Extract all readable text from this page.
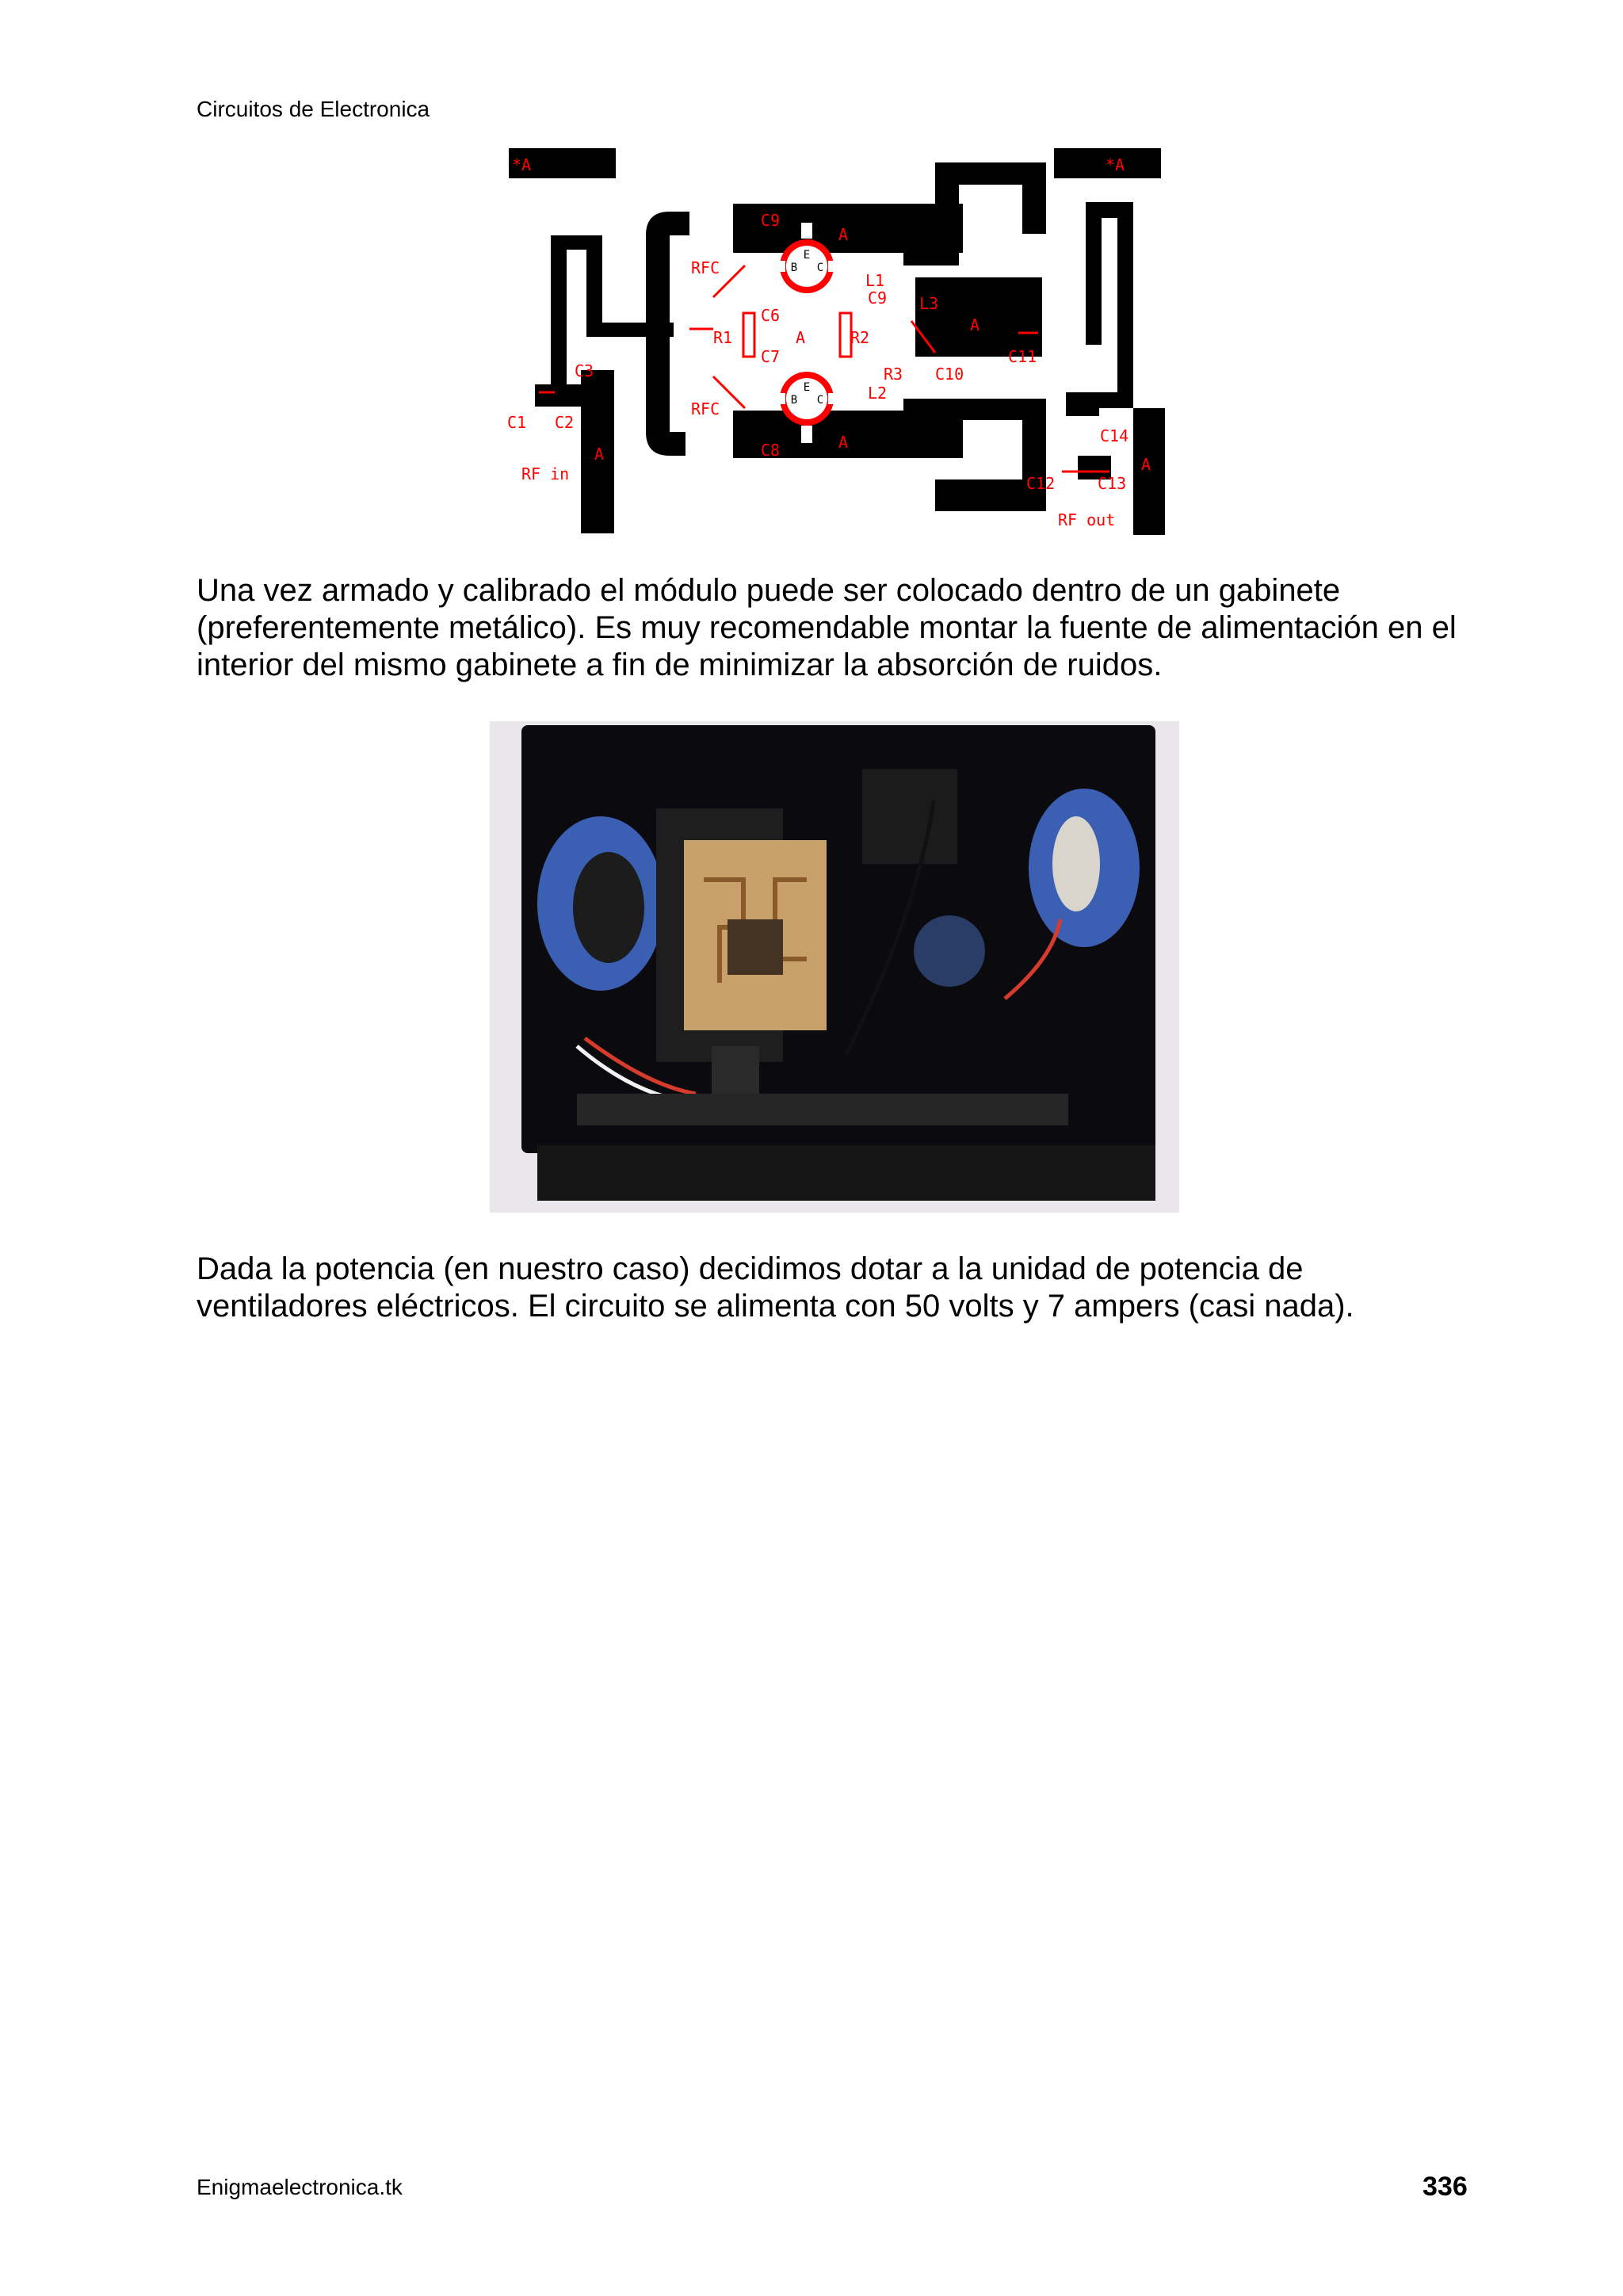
Circuitos de Electronica
*A	*A
C9
A
RFC
L1
C6
C9 L3
R1	A	R2
A
C11
C7
C3	R3 C10
RFC
L2
C1 C2
C8	A	C14
A
RF in	C12	C13
A
RF out
B
E
C
B
E
C
Una vez armado y calibrado el módulo puede ser colocado dentro de un gabinete (preferentemente metálico). Es muy recomendable montar la fuente de alimentación en el interior del mismo gabinete a fin de minimizar la absorción de ruidos.
Dada la potencia (en nuestro caso) decidimos dotar a la unidad de potencia de ventiladores eléctricos. El circuito se alimenta con 50 volts y 7 ampers (casi nada).
Enigmaelectronica.tk	336
